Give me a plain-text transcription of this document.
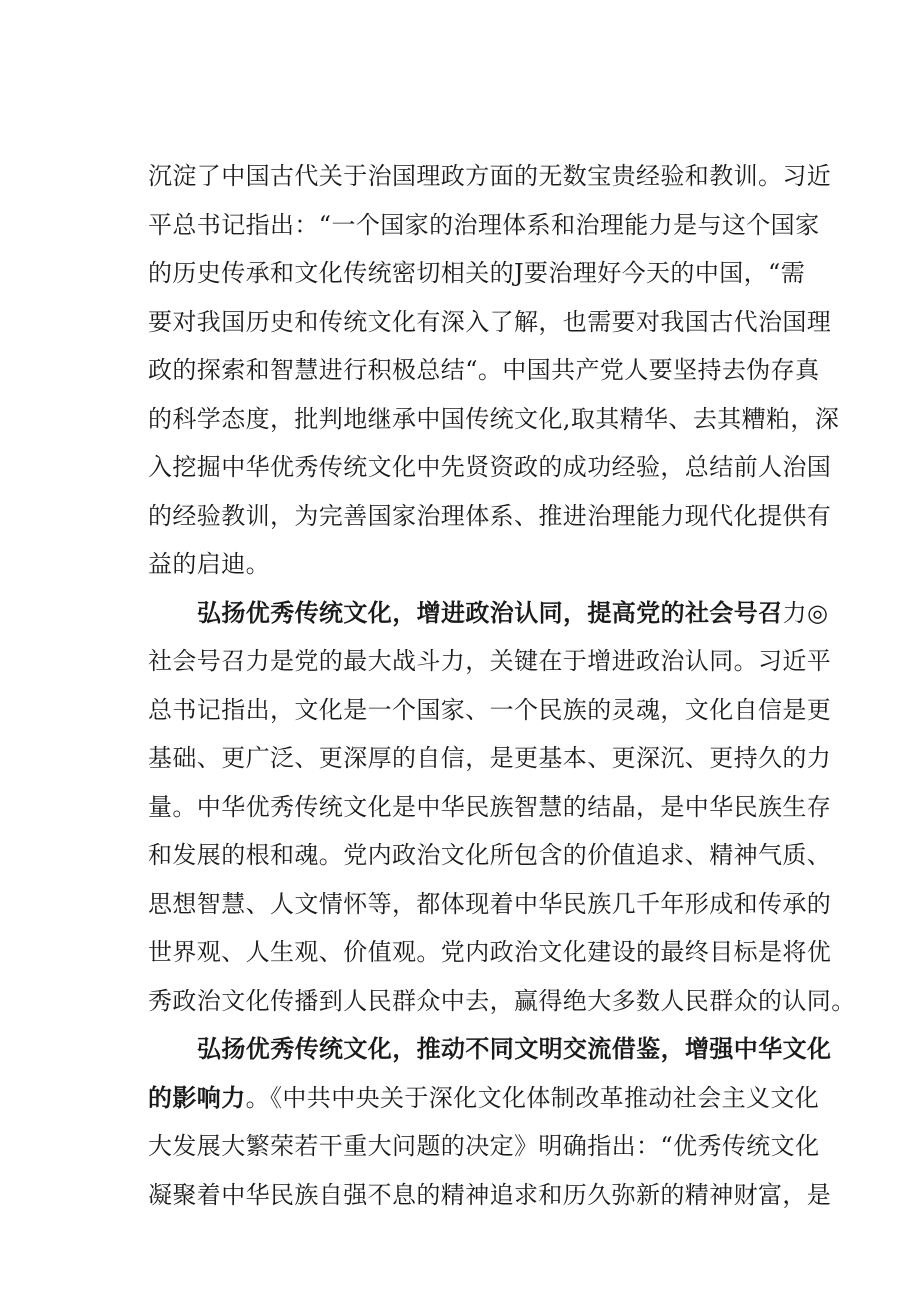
沉淀了中国古代关于治国理政方面的无数宝贵经验和教训。习近
平总书记指出：“一个国家的治理体系和治理能力是与这个国家
的历史传承和文化传统密切相关的J要治理好今天的中国，“需
要对我国历史和传统文化有深入了解，也需要对我国古代治国理
政的探索和智慧进行积极总结“。中国共产党人要坚持去伪存真
的科学态度，批判地继承中国传统文化,取其精华、去其糟粕，深
入挖掘中华优秀传统文化中先贤资政的成功经验，总结前人治国
的经验教训，为完善国家治理体系、推进治理能力现代化提供有
益的启迪。
弘扬优秀传统文化，增进政治认同，提高党的社会号召力◎
社会号召力是党的最大战斗力，关键在于增进政治认同。习近平
总书记指出，文化是一个国家、一个民族的灵魂，文化自信是更
基础、更广泛、更深厚的自信，是更基本、更深沉、更持久的力
量。中华优秀传统文化是中华民族智慧的结晶，是中华民族生存
和发展的根和魂。党内政治文化所包含的价值追求、精神气质、
思想智慧、人文情怀等，都体现着中华民族几千年形成和传承的
世界观、人生观、价值观。党内政治文化建设的最终目标是将优
秀政治文化传播到人民群众中去，赢得绝大多数人民群众的认同。
弘扬优秀传统文化，推动不同文明交流借鉴，增强中华文化
的影响力。《中共中央关于深化文化体制改革推动社会主义文化
大发展大繁荣若干重大问题的决定》明确指出：“优秀传统文化
凝聚着中华民族自强不息的精神追求和历久弥新的精神财富，是
